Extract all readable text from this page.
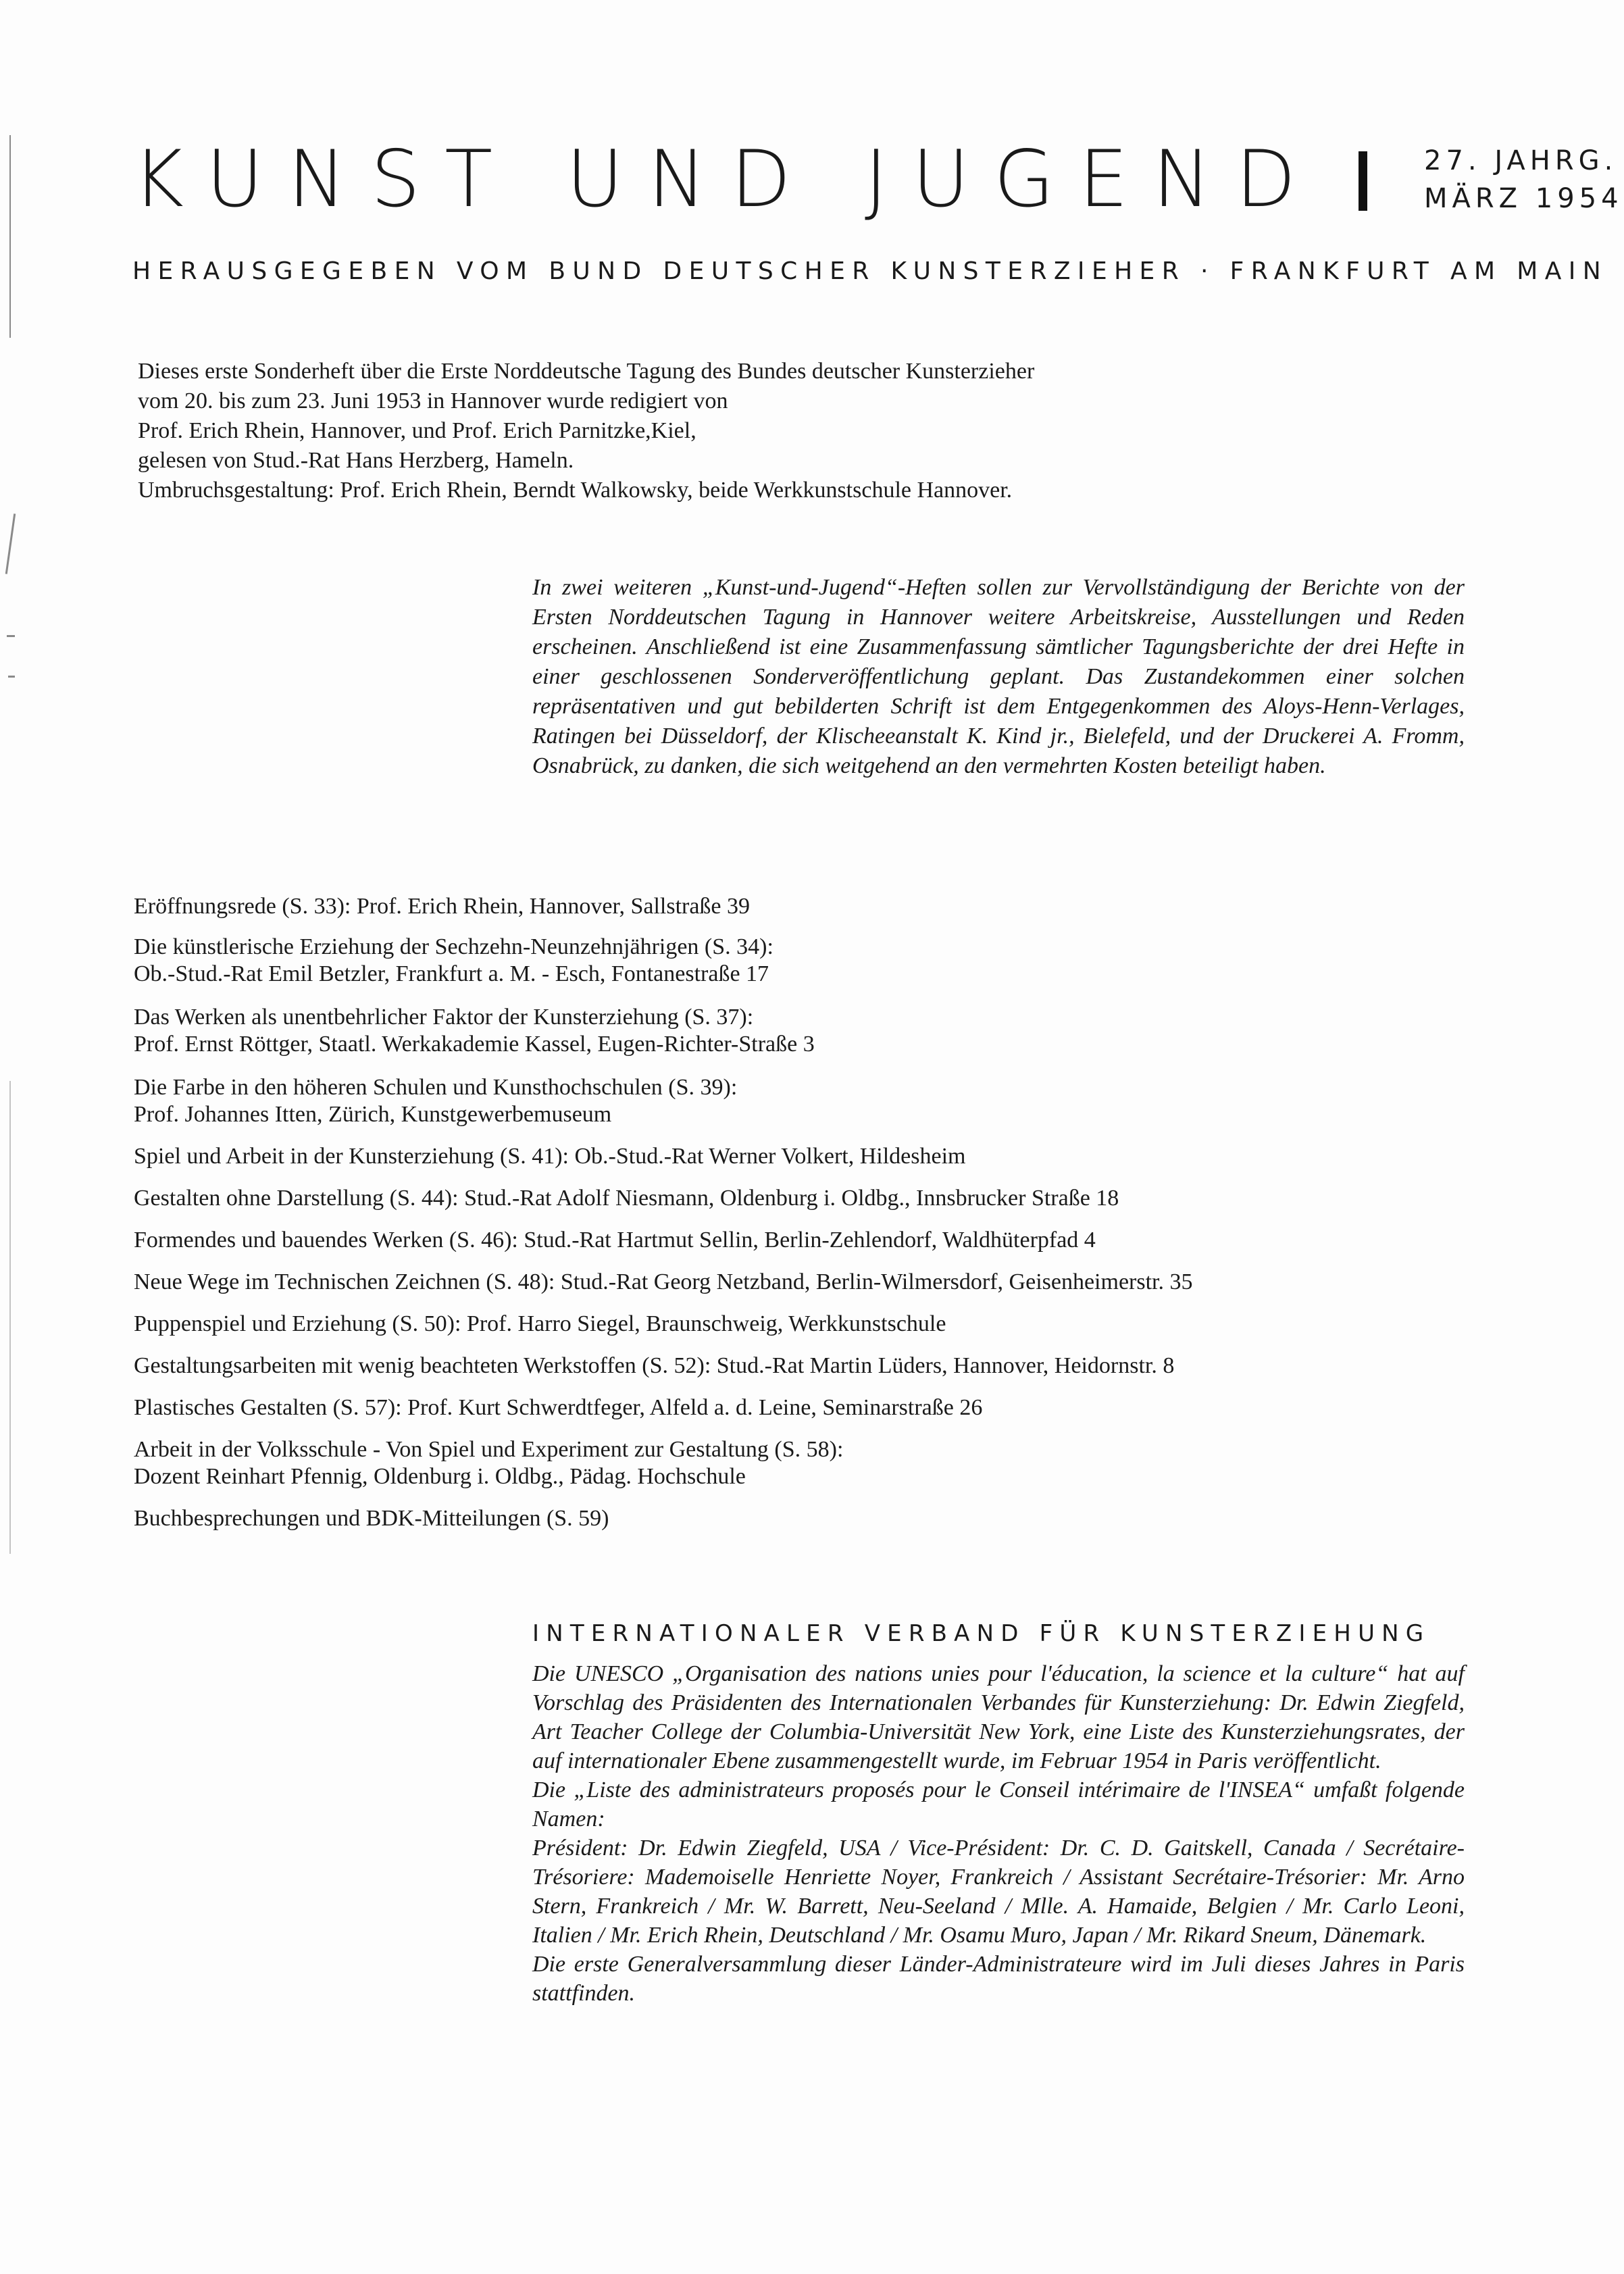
KUNST UND JUGEND	27. JAHRG.
MÄRZ 1954
HERAUSGEGEBEN VOM BUND DEUTSCHER KUNSTERZIEHER · FRANKFURT AM MAIN
Dieses erste Sonderheft über die Erste Norddeutsche Tagung des Bundes deutscher Kunsterzieher
vom 20. bis zum 23. Juni 1953 in Hannover wurde redigiert von
Prof. Erich Rhein, Hannover, und Prof. Erich Parnitzke,Kiel,
gelesen von Stud.-Rat Hans Herzberg, Hameln.
Umbruchsgestaltung: Prof. Erich Rhein, Berndt Walkowsky, beide Werkkunstschule Hannover.
In zwei weiteren „Kunst-und-Jugend“-Heften sollen zur Vervollständigung der Berichte von der Ersten Norddeutschen Tagung in Hannover weitere Arbeitskreise, Ausstellungen und Reden erscheinen. Anschließend ist eine Zusammenfassung sämtlicher Tagungsberichte der drei Hefte in einer geschlossenen Sonderveröffentlichung geplant. Das Zustandekommen einer solchen repräsentativen und gut bebilderten Schrift ist dem Entgegenkommen des Aloys-Henn-Verlages, Ratingen bei Düsseldorf, der Klischeeanstalt K. Kind jr., Bielefeld, und der Druckerei A. Fromm, Osnabrück, zu danken, die sich weitgehend an den vermehrten Kosten beteiligt haben.
Eröffnungsrede (S. 33): Prof. Erich Rhein, Hannover, Sallstraße 39
Die künstlerische Erziehung der Sechzehn-Neunzehnjährigen (S. 34):
Ob.-Stud.-Rat Emil Betzler, Frankfurt a. M. - Esch, Fontanestraße 17
Das Werken als unentbehrlicher Faktor der Kunsterziehung (S. 37):
Prof. Ernst Röttger, Staatl. Werkakademie Kassel, Eugen-Richter-Straße 3
Die Farbe in den höheren Schulen und Kunsthochschulen (S. 39):
Prof. Johannes Itten, Zürich, Kunstgewerbemuseum
Spiel und Arbeit in der Kunsterziehung (S. 41): Ob.-Stud.-Rat Werner Volkert, Hildesheim
Gestalten ohne Darstellung (S. 44): Stud.-Rat Adolf Niesmann, Oldenburg i. Oldbg., Innsbrucker Straße 18
Formendes und bauendes Werken (S. 46): Stud.-Rat Hartmut Sellin, Berlin-Zehlendorf, Waldhüterpfad 4
Neue Wege im Technischen Zeichnen (S. 48): Stud.-Rat Georg Netzband, Berlin-Wilmersdorf, Geisenheimerstr. 35
Puppenspiel und Erziehung (S. 50): Prof. Harro Siegel, Braunschweig, Werkkunstschule
Gestaltungsarbeiten mit wenig beachteten Werkstoffen (S. 52): Stud.-Rat Martin Lüders, Hannover, Heidornstr. 8
Plastisches Gestalten (S. 57): Prof. Kurt Schwerdtfeger, Alfeld a. d. Leine, Seminarstraße 26
Arbeit in der Volksschule - Von Spiel und Experiment zur Gestaltung (S. 58):
Dozent Reinhart Pfennig, Oldenburg i. Oldbg., Pädag. Hochschule
Buchbesprechungen und BDK-Mitteilungen (S. 59)
INTERNATIONALER VERBAND FÜR KUNSTERZIEHUNG

Die UNESCO „Organisation des nations unies pour l'éducation, la science et la culture“ hat auf Vorschlag des Präsidenten des Internationalen Verbandes für Kunsterziehung: Dr. Edwin Ziegfeld, Art Teacher College der Columbia-Universität New York, eine Liste des Kunsterziehungsrates, der auf internationaler Ebene zusammengestellt wurde, im Februar 1954 in Paris veröffentlicht.

Die „Liste des administrateurs proposés pour le Conseil intérimaire de l'INSEA“ umfaßt folgende Namen:

Président: Dr. Edwin Ziegfeld, USA / Vice-Président: Dr. C. D. Gaitskell, Canada / Secrétaire-Trésoriere: Mademoiselle Henriette Noyer, Frankreich / Assistant Secrétaire-Trésorier: Mr. Arno Stern, Frankreich / Mr. W. Barrett, Neu-Seeland / Mlle. A. Hamaide, Belgien / Mr. Carlo Leoni, Italien / Mr. Erich Rhein, Deutschland / Mr. Osamu Muro, Japan / Mr. Rikard Sneum, Dänemark.

Die erste Generalversammlung dieser Länder-Administrateure wird im Juli dieses Jahres in Paris stattfinden.
